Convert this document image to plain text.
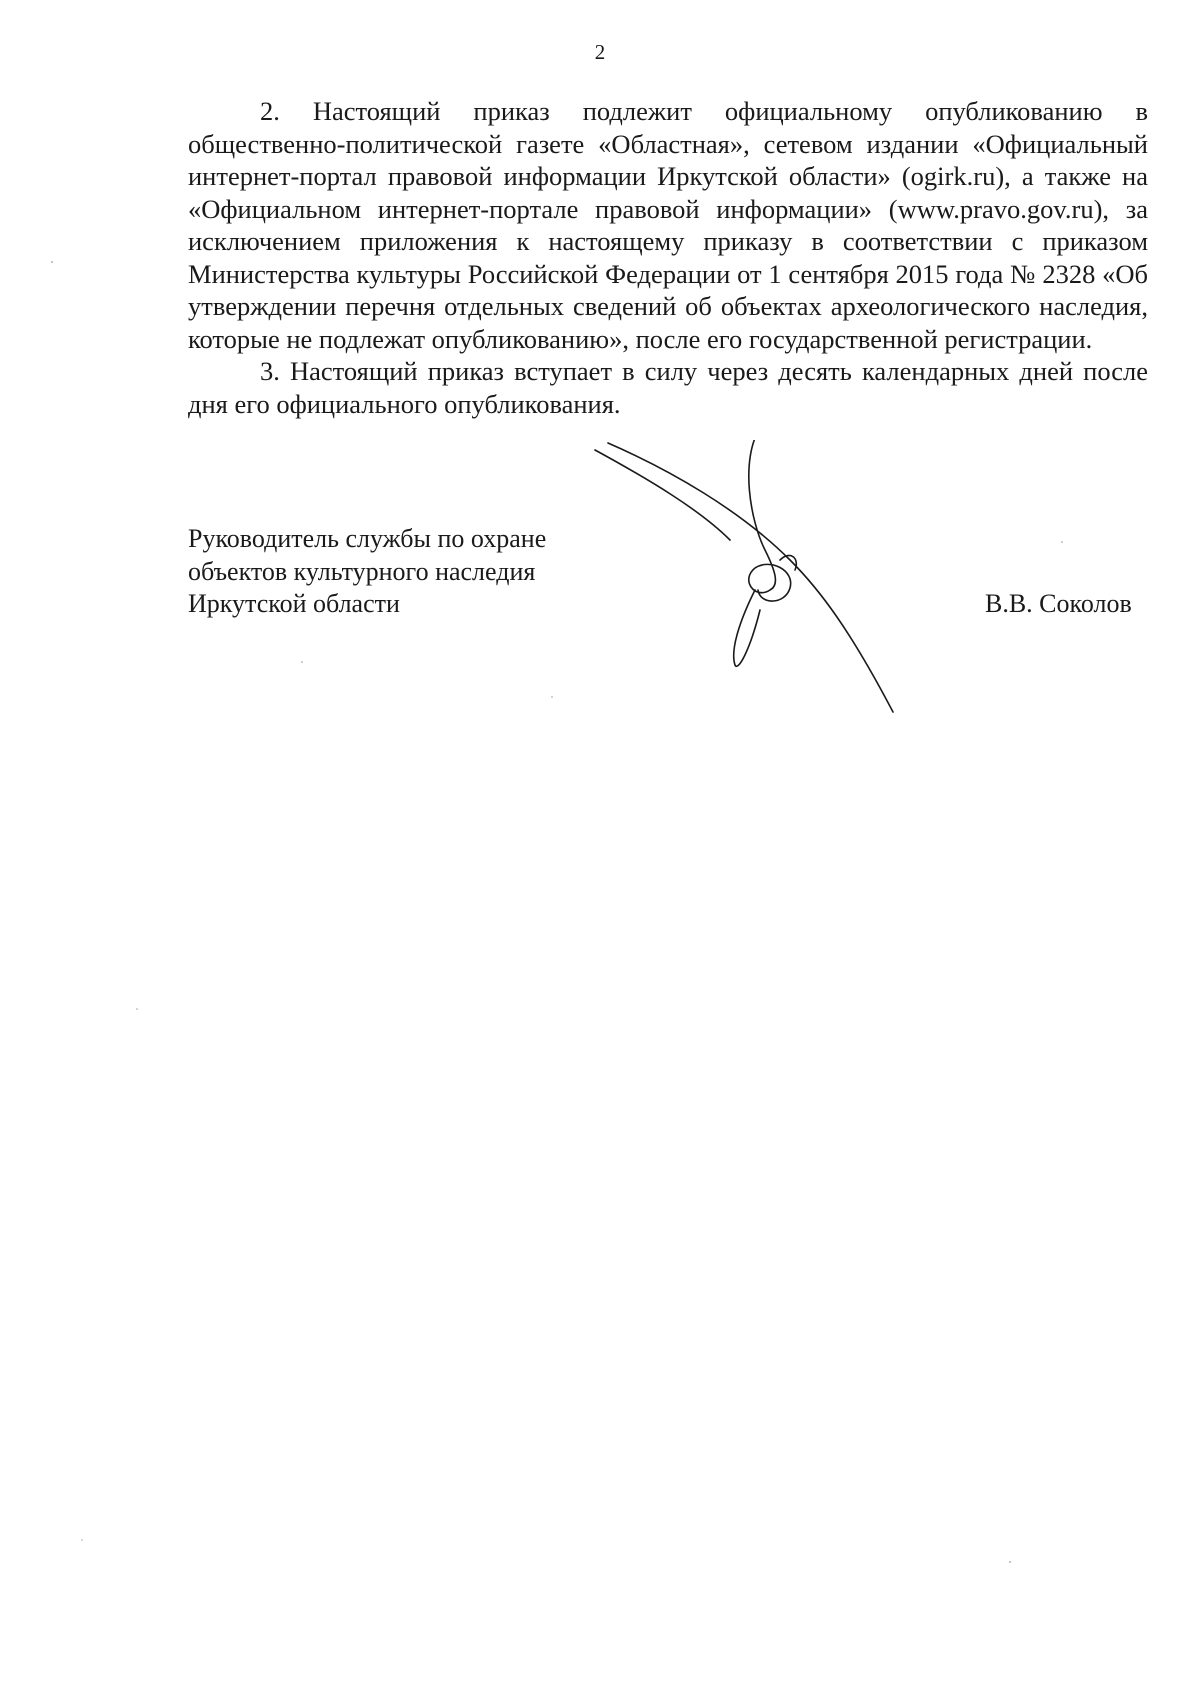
2

2. Настоящий приказ подлежит официальному опубликованию в общественно-политической газете «Областная», сетевом издании «Официальный интернет-портал правовой информации Иркутской области» (ogirk.ru), а также на «Официальном интернет-портале правовой информации» (www.pravo.gov.ru), за исключением приложения к настоящему приказу в соответствии с приказом Министерства культуры Российской Федерации от 1 сентября 2015 года № 2328 «Об утверждении перечня отдельных сведений об объектах археологического наследия, которые не подлежат опубликованию», после его государственной регистрации.

3. Настоящий приказ вступает в силу через десять календарных дней после дня его официального опубликования.

Руководитель службы по охране
объектов культурного наследия
Иркутской области	В.В. Соколов
